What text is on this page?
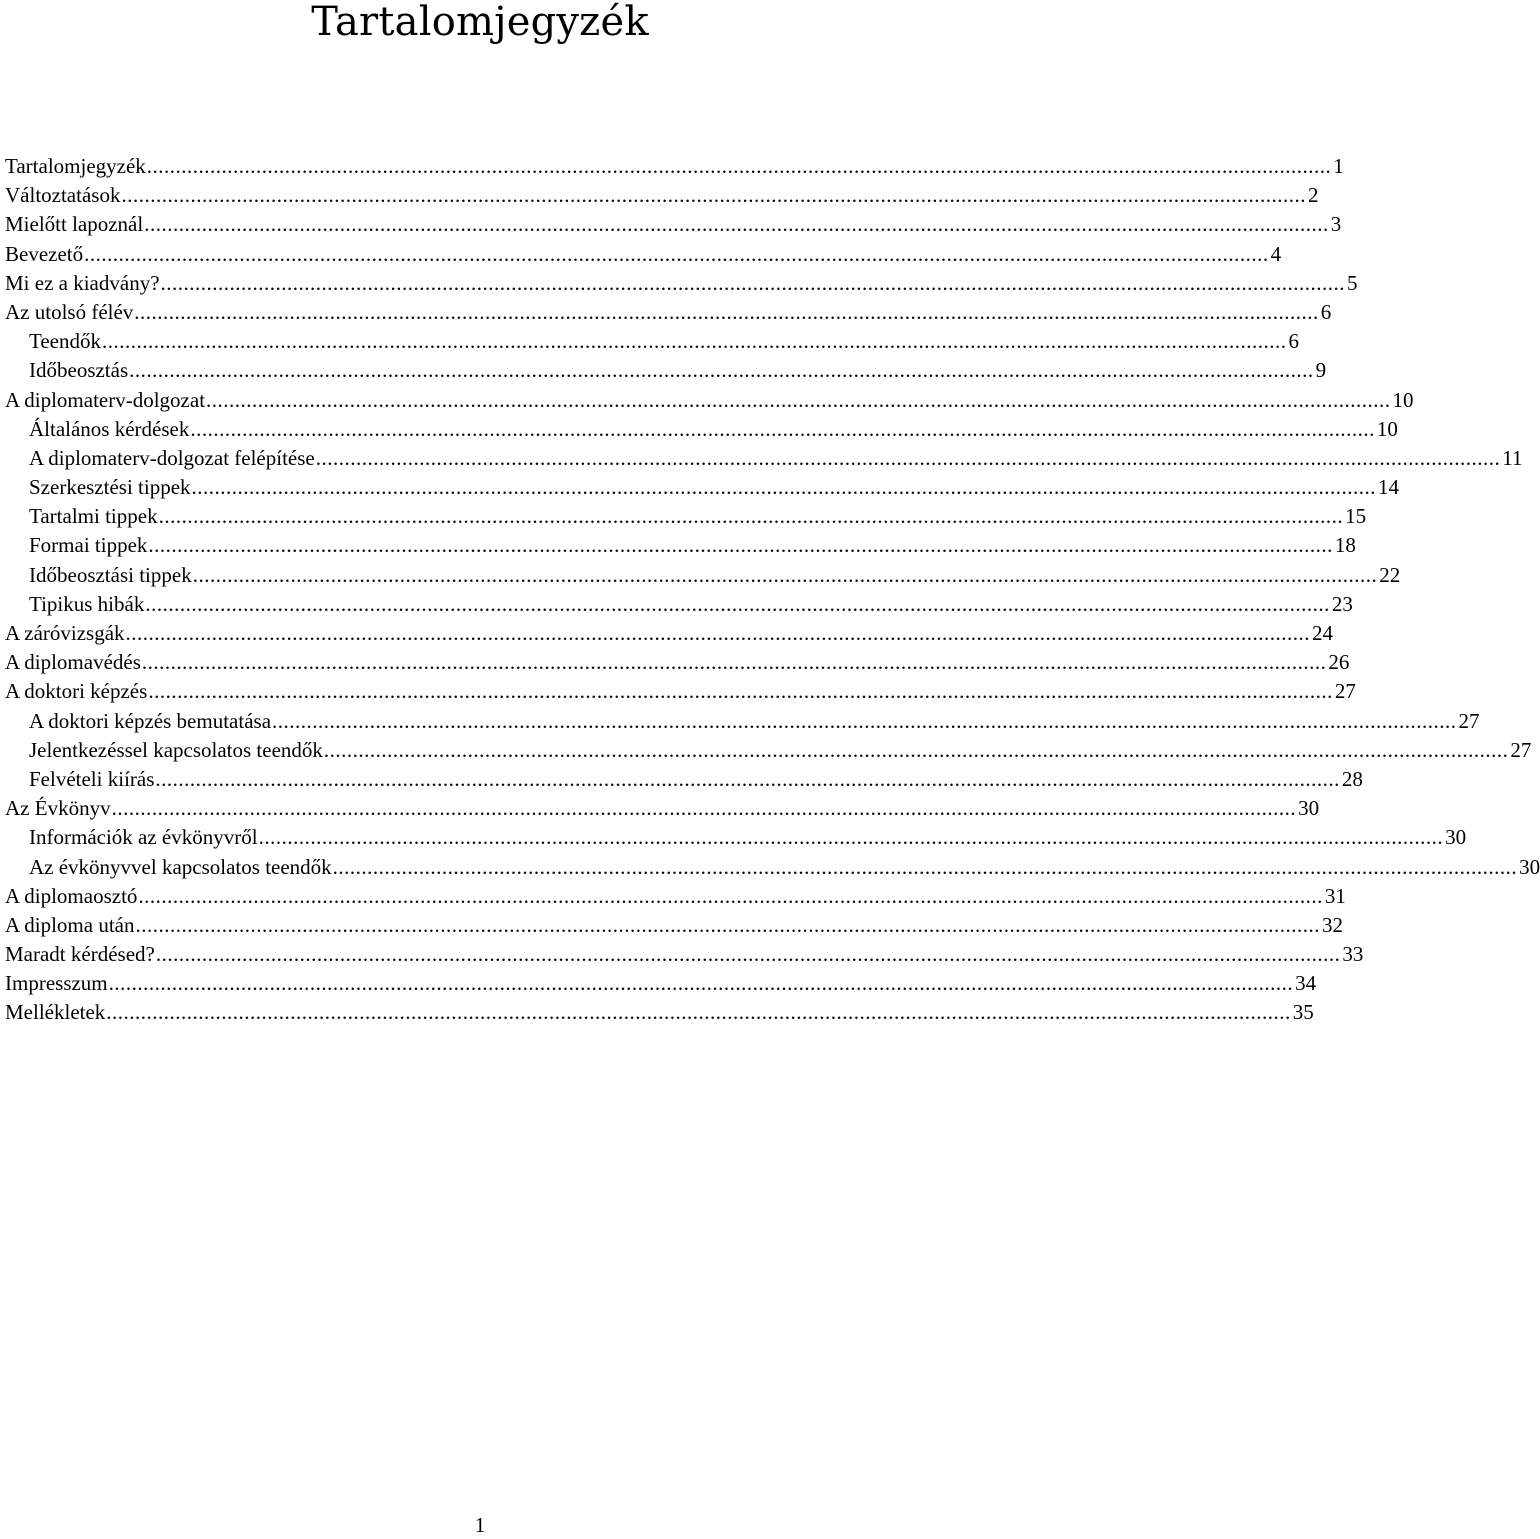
Tartalomjegyzék
Tartalomjegyzék .............................................................................................................................................................................................................. 1
Változtatások .............................................................................................................................................................................................................. 2
Mielőtt lapoznál .............................................................................................................................................................................................................. 3
Bevezető .............................................................................................................................................................................................................. 4
Mi ez a kiadvány? .............................................................................................................................................................................................................. 5
Az utolsó félév .............................................................................................................................................................................................................. 6
Teendők .............................................................................................................................................................................................................. 6
Időbeosztás .............................................................................................................................................................................................................. 9
A diplomaterv-dolgozat .............................................................................................................................................................................................................. 10
Általános kérdések .............................................................................................................................................................................................................. 10
A diplomaterv-dolgozat felépítése .............................................................................................................................................................................................................. 11
Szerkesztési tippek .............................................................................................................................................................................................................. 14
Tartalmi tippek .............................................................................................................................................................................................................. 15
Formai tippek .............................................................................................................................................................................................................. 18
Időbeosztási tippek .............................................................................................................................................................................................................. 22
Tipikus hibák .............................................................................................................................................................................................................. 23
A záróvizsgák .............................................................................................................................................................................................................. 24
A diplomavédés .............................................................................................................................................................................................................. 26
A doktori képzés .............................................................................................................................................................................................................. 27
A doktori képzés bemutatása .............................................................................................................................................................................................................. 27
Jelentkezéssel kapcsolatos teendők .............................................................................................................................................................................................................. 27
Felvételi kiírás .............................................................................................................................................................................................................. 28
Az Évkönyv .............................................................................................................................................................................................................. 30
Információk az évkönyvről .............................................................................................................................................................................................................. 30
Az évkönyvvel kapcsolatos teendők .............................................................................................................................................................................................................. 30
A diplomaosztó .............................................................................................................................................................................................................. 31
A diploma után .............................................................................................................................................................................................................. 32
Maradt kérdésed? .............................................................................................................................................................................................................. 33
Impresszum .............................................................................................................................................................................................................. 34
Mellékletek .............................................................................................................................................................................................................. 35
1
